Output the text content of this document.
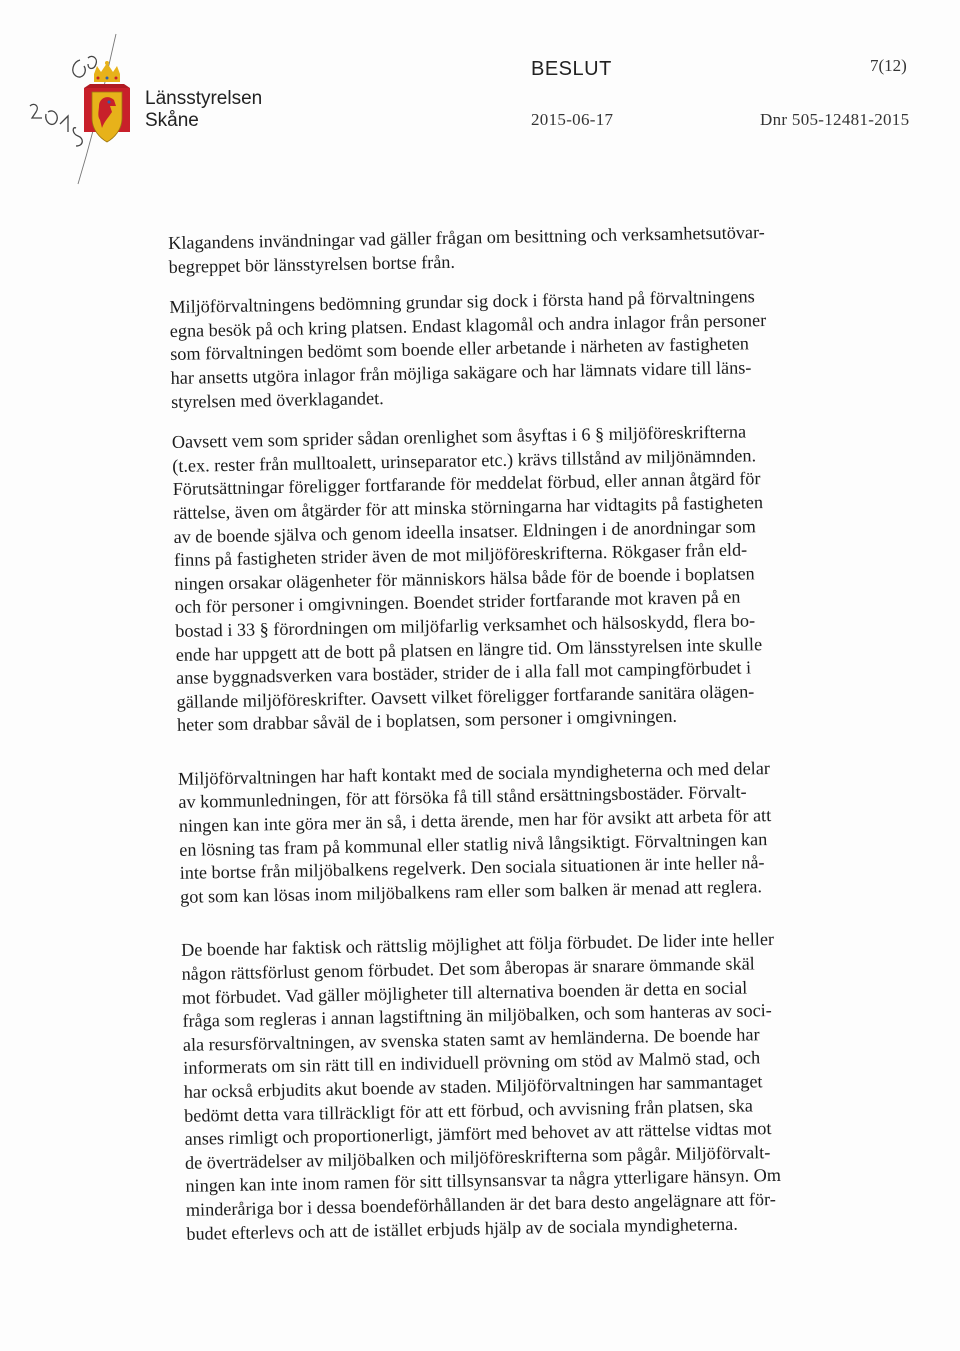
Länsstyrelsen
Skåne
BESLUT	7(12)
2015-06-17	Dnr 505-12481-2015
Klagandens invändningar vad gäller frågan om besittning och verksamhetsutövar-
begreppet bör länsstyrelsen bortse från.
Miljöförvaltningens bedömning grundar sig dock i första hand på förvaltningens
egna besök på och kring platsen. Endast klagomål och andra inlagor från personer
som förvaltningen bedömt som boende eller arbetande i närheten av fastigheten
har ansetts utgöra inlagor från möjliga sakägare och har lämnats vidare till läns-
styrelsen med överklagandet.
Oavsett vem som sprider sådan orenlighet som åsyftas i 6 § miljöföreskrifterna
(t.ex. rester från mulltoalett, urinseparator etc.) krävs tillstånd av miljönämnden.
Förutsättningar föreligger fortfarande för meddelat förbud, eller annan åtgärd för
rättelse, även om åtgärder för att minska störningarna har vidtagits på fastigheten
av de boende själva och genom ideella insatser. Eldningen i de anordningar som
finns på fastigheten strider även de mot miljöföreskrifterna. Rökgaser från eld-
ningen orsakar olägenheter för människors hälsa både för de boende i boplatsen
och för personer i omgivningen. Boendet strider fortfarande mot kraven på en
bostad i 33 § förordningen om miljöfarlig verksamhet och hälsoskydd, flera bo-
ende har uppgett att de bott på platsen en längre tid. Om länsstyrelsen inte skulle
anse byggnadsverken vara bostäder, strider de i alla fall mot campingförbudet i
gällande miljöföreskrifter. Oavsett vilket föreligger fortfarande sanitära olägen-
heter som drabbar såväl de i boplatsen, som personer i omgivningen.
Miljöförvaltningen har haft kontakt med de sociala myndigheterna och med delar
av kommunledningen, för att försöka få till stånd ersättningsbostäder. Förvalt-
ningen kan inte göra mer än så, i detta ärende, men har för avsikt att arbeta för att
en lösning tas fram på kommunal eller statlig nivå långsiktigt. Förvaltningen kan
inte bortse från miljöbalkens regelverk. Den sociala situationen är inte heller nå-
got som kan lösas inom miljöbalkens ram eller som balken är menad att reglera.
De boende har faktisk och rättslig möjlighet att följa förbudet. De lider inte heller
någon rättsförlust genom förbudet. Det som åberopas är snarare ömmande skäl
mot förbudet. Vad gäller möjligheter till alternativa boenden är detta en social
fråga som regleras i annan lagstiftning än miljöbalken, och som hanteras av soci-
ala resursförvaltningen, av svenska staten samt av hemländerna. De boende har
informerats om sin rätt till en individuell prövning om stöd av Malmö stad, och
har också erbjudits akut boende av staden. Miljöförvaltningen har sammantaget
bedömt detta vara tillräckligt för att ett förbud, och avvisning från platsen, ska
anses rimligt och proportionerligt, jämfört med behovet av att rättelse vidtas mot
de överträdelser av miljöbalken och miljöföreskrifterna som pågår. Miljöförvalt-
ningen kan inte inom ramen för sitt tillsynsansvar ta några ytterligare hänsyn. Om
minderåriga bor i dessa boendeförhållanden är det bara desto angelägnare att för-
budet efterlevs och att de istället erbjuds hjälp av de sociala myndigheterna.
